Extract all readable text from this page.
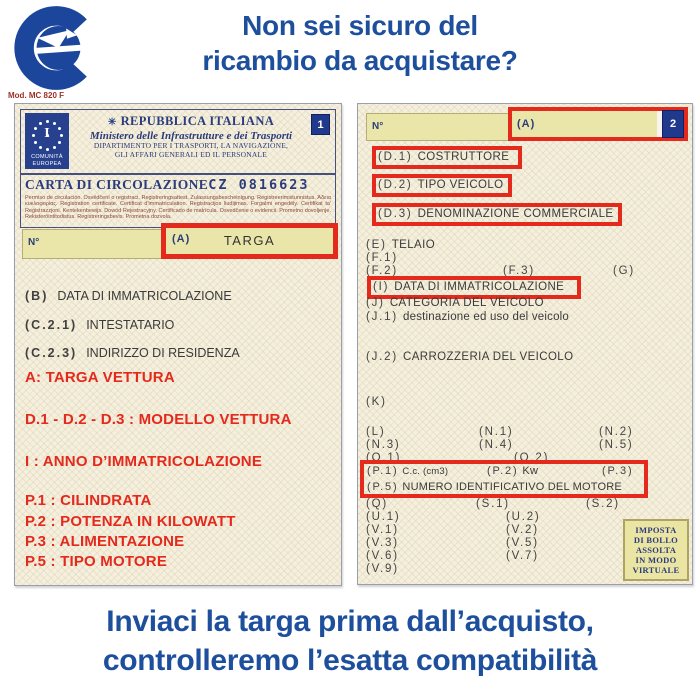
Non sei sicuro del
ricambio da acquistare?
Mod. MC 820 F
I
COMUNITÀ
EUROPEA
1
✳ REPUBBLICA ITALIANA
Ministero delle Infrastrutture e dei Trasporti
DIPARTIMENTO PER I TRASPORTI, LA NAVIGAZIONE,
GLI AFFARI GENERALI ED IL PERSONALE
CARTA DI CIRCOLAZIONE CZ 0816623
Permiso de circulación. Osvědčení o registraci. Registreringsattest. Zulassungsbescheinigung. Registreerimistunnistus. Άδεια κυκλοφορίας. Registration certificate. Certificat d'immatriculation. Registracijos liudijimas. Forgalmi engedély. Certifikat ta' Reġistrazzjoni. Kentekenbewijs. Dowód Rejestracyjny. Certificado de matrícula. Osvedčenie o evidencii. Prometno dovoljenje. Rekisteröintitodistus. Registreringsbevis. Prometna dozvola.
N°	(A)	TARGA
(B) DATA DI IMMATRICOLAZIONE
(C.2.1) INTESTATARIO
(C.2.3) INDIRIZZO DI RESIDENZA
A: TARGA VETTURA
D.1 - D.2 - D.3 : MODELLO VETTURA
I : ANNO D’IMMATRICOLAZIONE
P.1 : CILINDRATA
P.2 : POTENZA IN KILOWATT
P.3 : ALIMENTAZIONE
P.5 : TIPO MOTORE
N°	(A)	2
(D.1) COSTRUTTORE
(D.2) TIPO VEICOLO
(D.3) DENOMINAZIONE COMMERCIALE
(E) TELAIO
(F.1)
(F.2)	(F.3)	(G)
(I) DATA DI IMMATRICOLAZIONE
(J) CATEGORIA DEL VEICOLO
(J.1) destinazione ed uso del veicolo
(J.2) CARROZZERIA DEL VEICOLO
(K)
(L)	(N.1)	(N.2)
(N.3)	(N.4)	(N.5)
(O.1)	(O.2)
(Q)	(S.1)	(S.2)
(U.1)	(U.2)
(V.1)	(V.2)
(V.3)	(V.5)
(V.6)	(V.7)
(V.9)
(P.1) C.c. (cm3)	(P.2) Kw	(P.3)
(P.5) NUMERO IDENTIFICATIVO DEL MOTORE
IMPOSTA
DI BOLLO
ASSOLTA
IN MODO
VIRTUALE
Inviaci la targa prima dall’acquisto,
controlleremo l’esatta compatibilità
